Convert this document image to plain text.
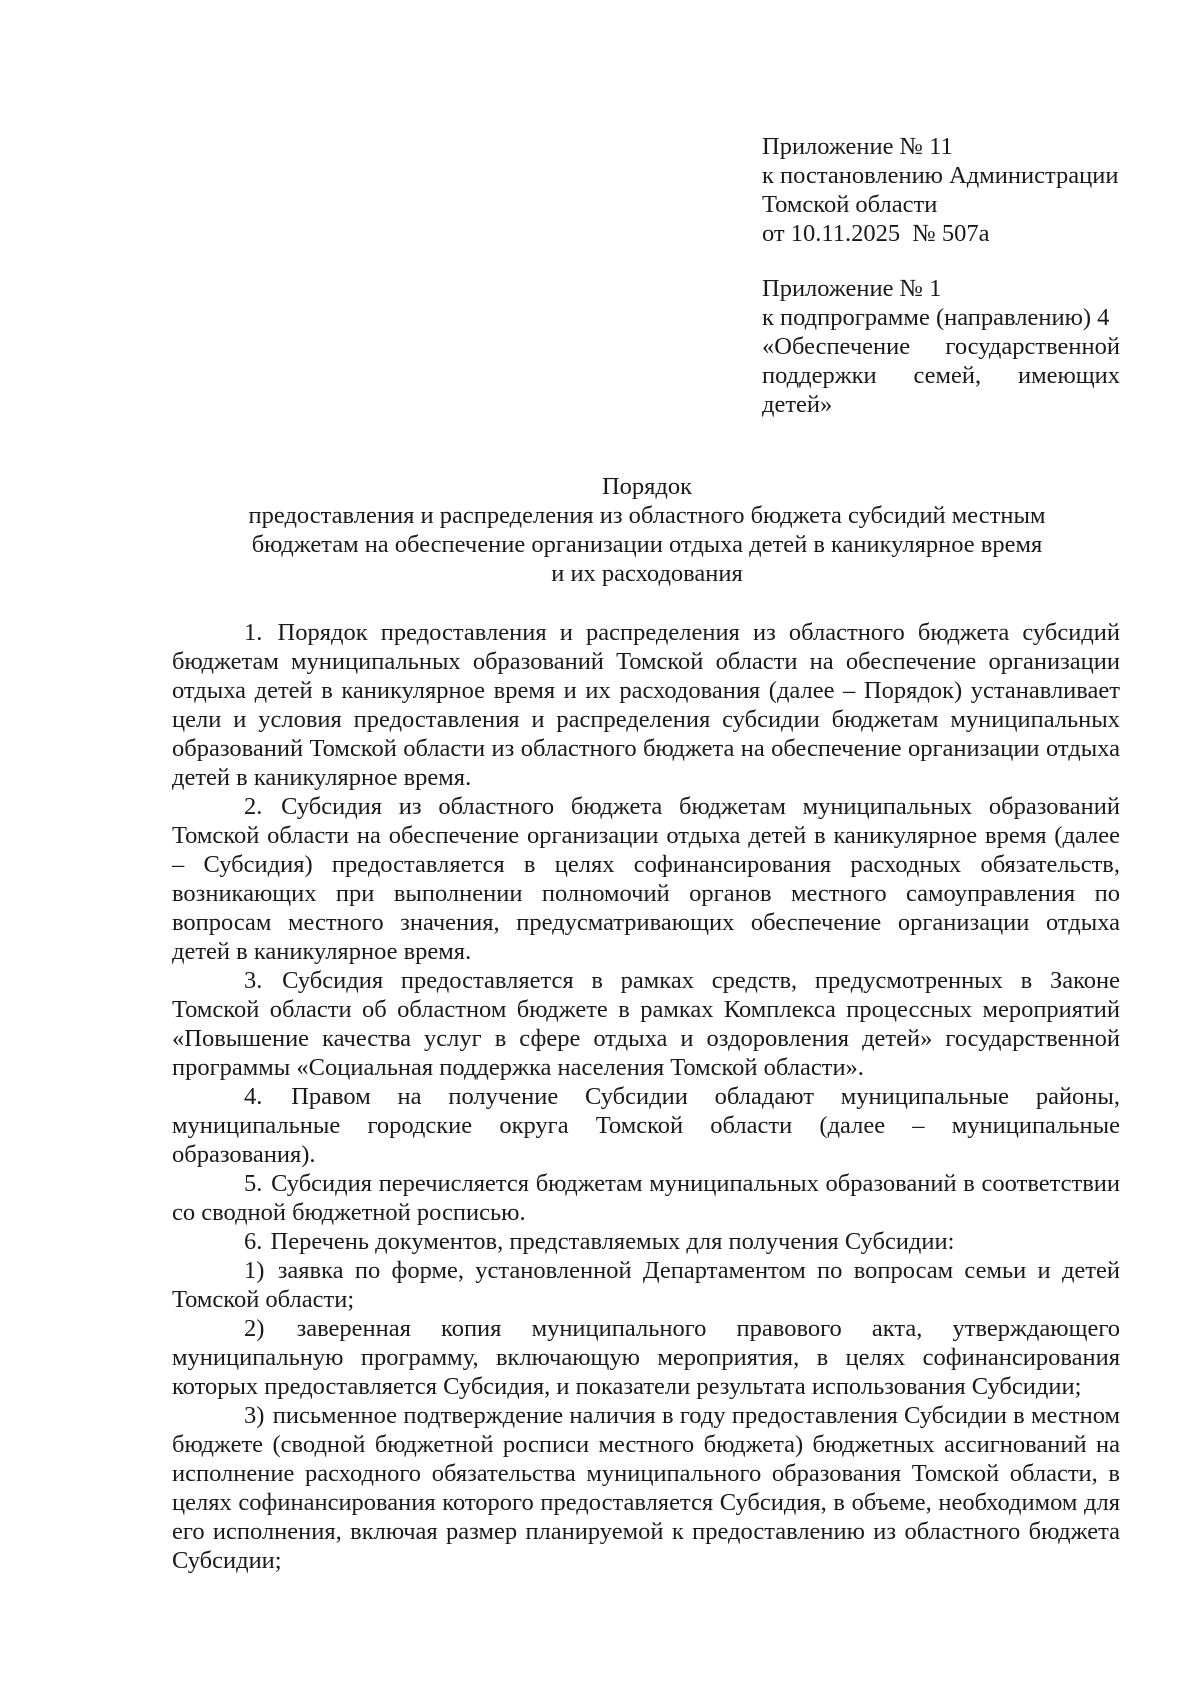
Приложение № 11
к постановлению Администрации
Томской области
от 10.11.2025  № 507а
Приложение № 1
к подпрограмме (направлению) 4
«Обеспечение государственной
поддержки семей, имеющих
детей»
Порядок
предоставления и распределения из областного бюджета субсидий местным
бюджетам на обеспечение организации отдыха детей в каникулярное время
и их расходования

1. Порядок предоставления и распределения из областного бюджета субсидий бюджетам муниципальных образований Томской области на обеспечение организации отдыха детей в каникулярное время и их расходования (далее – Порядок) устанавливает цели и условия предоставления и распределения субсидии бюджетам муниципальных образований Томской области из областного бюджета на обеспечение организации отдыха детей в каникулярное время.

2. Субсидия из областного бюджета бюджетам муниципальных образований Томской области на обеспечение организации отдыха детей в каникулярное время (далее – Субсидия) предоставляется в целях софинансирования расходных обязательств, возникающих при выполнении полномочий органов местного самоуправления по вопросам местного значения, предусматривающих обеспечение организации отдыха детей в каникулярное время.

3. Субсидия предоставляется в рамках средств, предусмотренных в Законе Томской области об областном бюджете в рамках Комплекса процессных мероприятий «Повышение качества услуг в сфере отдыха и оздоровления детей» государственной программы «Социальная поддержка населения Томской области».

4. Правом на получение Субсидии обладают муниципальные районы, муниципальные городские округа Томской области (далее – муниципальные образования).

5. Субсидия перечисляется бюджетам муниципальных образований в соответствии со сводной бюджетной росписью.

6. Перечень документов, представляемых для получения Субсидии:

1) заявка по форме, установленной Департаментом по вопросам семьи и детей Томской области;

2) заверенная копия муниципального правового акта, утверждающего муниципальную программу, включающую мероприятия, в целях софинансирования которых предоставляется Субсидия, и показатели результата использования Субсидии;

3) письменное подтверждение наличия в году предоставления Субсидии в местном бюджете (сводной бюджетной росписи местного бюджета) бюджетных ассигнований на исполнение расходного обязательства муниципального образования Томской области, в целях софинансирования которого предоставляется Субсидия, в объеме, необходимом для его исполнения, включая размер планируемой к предоставлению из областного бюджета Субсидии;
